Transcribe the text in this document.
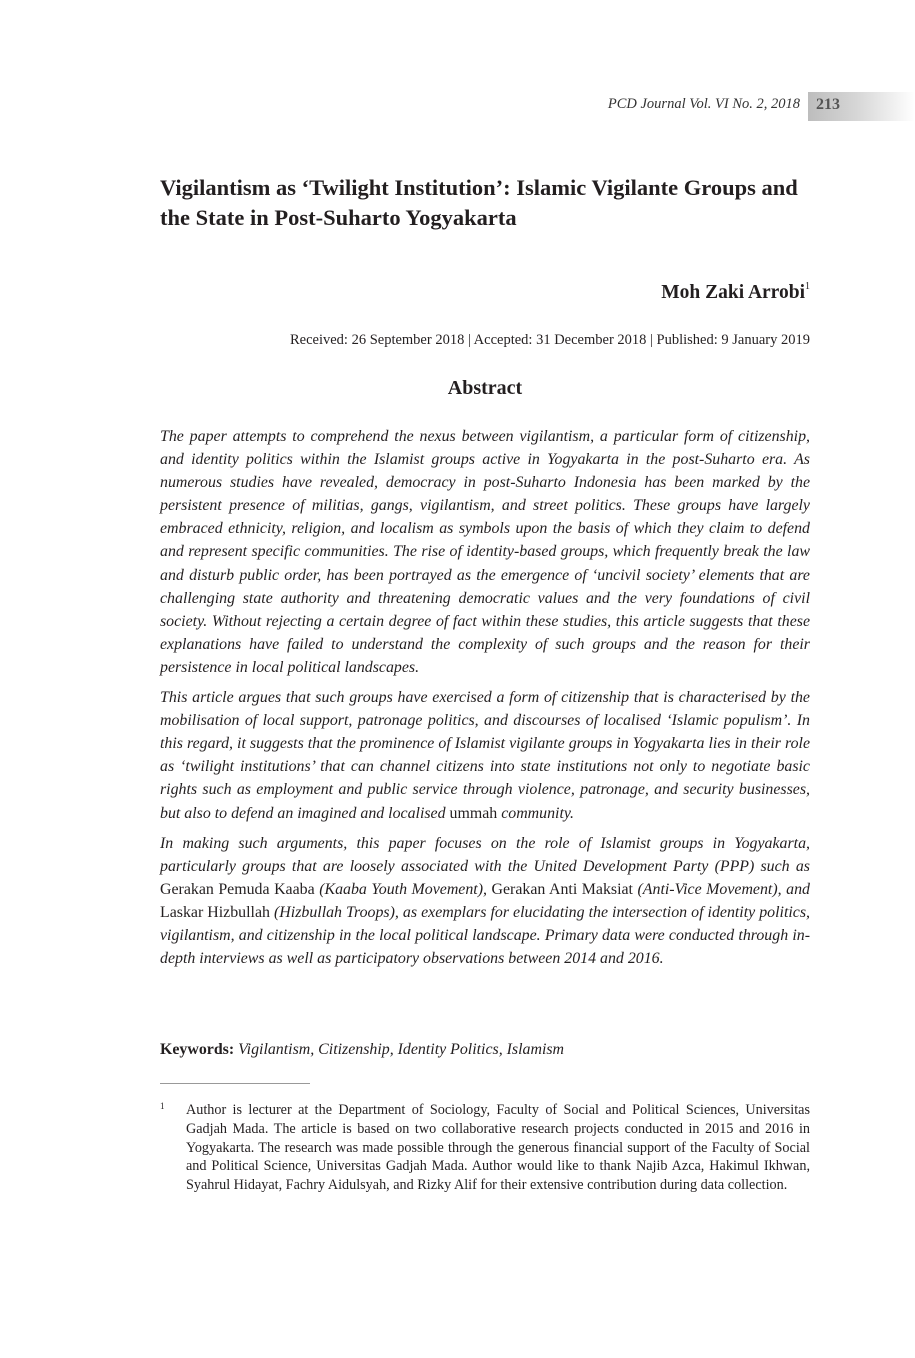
PCD Journal Vol. VI No. 2, 2018 213
Vigilantism as ‘Twilight Institution’: Islamic Vigilante Groups and the State in Post-Suharto Yogyakarta
Moh Zaki Arrobi$^1$
Received: 26 September 2018 | Accepted: 31 December 2018 | Published: 9 January 2019
Abstract

The paper attempts to comprehend the nexus between vigilantism, a particular form of citizenship, and identity politics within the Islamist groups active in Yogyakarta in the post-Suharto era. As numerous studies have revealed, democracy in post-Suharto Indonesia has been marked by the persistent presence of militias, gangs, vigilantism, and street politics. These groups have largely embraced ethnicity, religion, and localism as symbols upon the basis of which they claim to defend and represent specific communities. The rise of identity-based groups, which frequently break the law and disturb public order, has been portrayed as the emergence of ‘uncivil society’ elements that are challenging state authority and threatening democratic values and the very foundations of civil society. Without rejecting a certain degree of fact within these studies, this article suggests that these explanations have failed to understand the complexity of such groups and the reason for their persistence in local political landscapes.

This article argues that such groups have exercised a form of citizenship that is characterised by the mobilisation of local support, patronage politics, and discourses of localised ‘Islamic populism’. In this regard, it suggests that the prominence of Islamist vigilante groups in Yogyakarta lies in their role as ‘twilight institutions’ that can channel citizens into state institutions not only to negotiate basic rights such as employment and public service through violence, patronage, and security businesses, but also to defend an imagined and localised ummah community.

In making such arguments, this paper focuses on the role of Islamist groups in Yogyakarta, particularly groups that are loosely associated with the United Development Party (PPP) such as Gerakan Pemuda Kaaba (Kaaba Youth Movement), Gerakan Anti Maksiat (Anti-Vice Movement), and Laskar Hizbullah (Hizbullah Troops), as exemplars for elucidating the intersection of identity politics, vigilantism, and citizenship in the local political landscape. Primary data were conducted through in-depth interviews as well as participatory observations between 2014 and 2016.

Keywords: Vigilantism, Citizenship, Identity Politics, Islamism
1 Author is lecturer at the Department of Sociology, Faculty of Social and Political Sciences, Universitas Gadjah Mada. The article is based on two collaborative research projects conducted in 2015 and 2016 in Yogyakarta. The research was made possible through the generous financial support of the Faculty of Social and Political Science, Universitas Gadjah Mada. Author would like to thank Najib Azca, Hakimul Ikhwan, Syahrul Hidayat, Fachry Aidulsyah, and Rizky Alif for their extensive contribution during data collection.
